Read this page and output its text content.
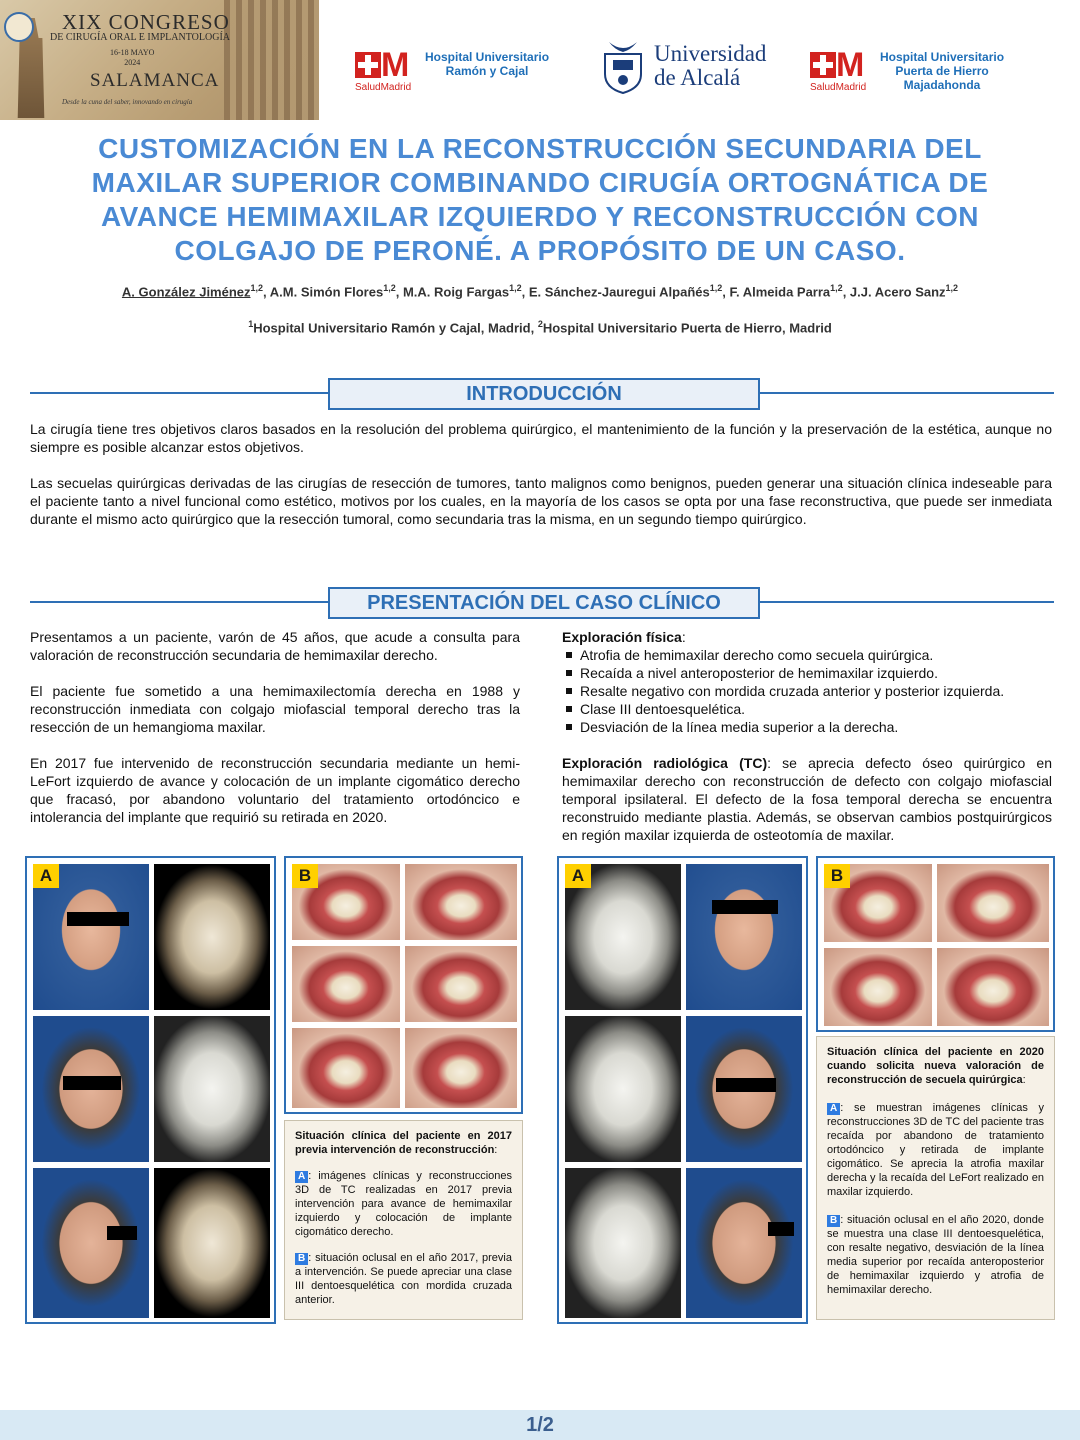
XIX CONGRESO
DE CIRUGÍA ORAL E IMPLANTOLOGÍA
16-18 MAYO
2024
SALAMANCA
Desde la cuna del saber, innovando en cirugía
M
SaludMadrid
Hospital Universitario
Ramón y Cajal
Universidad
de Alcalá	M
SaludMadrid
Hospital Universitario
Puerta de Hierro
Majadahonda
CUSTOMIZACIÓN EN LA RECONSTRUCCIÓN SECUNDARIA DEL
MAXILAR SUPERIOR COMBINANDO CIRUGÍA ORTOGNÁTICA DE
AVANCE HEMIMAXILAR IZQUIERDO Y RECONSTRUCCIÓN CON
COLGAJO DE PERONÉ. A PROPÓSITO DE UN CASO.
A. González Jiménez$^{1,2}$, A.M. Simón Flores$^{1,2}$, M.A. Roig Fargas$^{1,2}$, E. Sánchez-Jauregui Alpañés$^{1,2}$, F. Almeida Parra$^{1,2}$, J.J. Acero Sanz$^{1,2}$
$^1$Hospital Universitario Ramón y Cajal, Madrid, $^2$Hospital Universitario Puerta de Hierro, Madrid
INTRODUCCIÓN

La cirugía tiene tres objetivos claros basados en la resolución del problema quirúrgico, el mantenimiento de la función y la preservación de la estética, aunque no siempre es posible alcanzar estos objetivos.

Las secuelas quirúrgicas derivadas de las cirugías de resección de tumores, tanto malignos como benignos, pueden generar una situación clínica indeseable para el paciente tanto a nivel funcional como estético, motivos por los cuales, en la mayoría de los casos se opta por una fase reconstructiva, que puede ser inmediata durante el mismo acto quirúrgico que la resección tumoral, como secundaria tras la misma, en un segundo tiempo quirúrgico.

PRESENTACIÓN DEL CASO CLÍNICO

Presentamos a un paciente, varón de 45 años, que acude a consulta para valoración de reconstrucción secundaria de hemimaxilar derecho.

El paciente fue sometido a una hemimaxilectomía derecha en 1988 y reconstrucción inmediata con colgajo miofascial temporal derecho tras la resección de un hemangioma maxilar.

En 2017 fue intervenido de reconstrucción secundaria mediante un hemi-LeFort izquierdo de avance y colocación de un implante cigomático derecho que fracasó, por abandono voluntario del tratamiento ortodóncico e intolerancia del implante que requirió su retirada en 2020.

Exploración física:

Atrofia de hemimaxilar derecho como secuela quirúrgica.
Recaída a nivel anteroposterior de hemimaxilar izquierdo.
Resalte negativo con mordida cruzada anterior y posterior izquierda.
Clase III dentoesquelética.
Desviación de la línea media superior a la derecha.

Exploración radiológica (TC): se aprecia defecto óseo quirúrgico en hemimaxilar derecho con reconstrucción de defecto con colgajo miofascial temporal ipsilateral. El defecto de la fosa temporal derecha se encuentra reconstruido mediante plastia. Además, se observan cambios postquirúrgicos en región maxilar izquierda de osteotomía de maxilar.

A	B
Situación clínica del paciente en 2017 previa intervención de reconstrucción:
A : imágenes clínicas y reconstrucciones 3D de TC realizadas en 2017 previa intervención para avance de hemimaxilar izquierdo y colocación de implante cigomático derecho.
B : situación oclusal en el año 2017, previa a intervención. Se puede apreciar una clase III dentoesquelética con mordida cruzada anterior.
A	B
Situación clínica del paciente en 2020 cuando solicita nueva valoración de reconstrucción de secuela quirúrgica:
A : se muestran imágenes clínicas y reconstrucciones 3D de TC del paciente tras recaída por abandono de tratamiento ortodóncico y retirada de implante cigomático. Se aprecia la atrofia maxilar derecha y la recaída del LeFort realizado en maxilar izquierdo.
B : situación oclusal en el año 2020, donde se muestra una clase III dentoesquelética, con resalte negativo, desviación de la línea media superior por recaída anteroposterior de hemimaxilar izquierdo y atrofia de hemimaxilar derecho.
1/2
